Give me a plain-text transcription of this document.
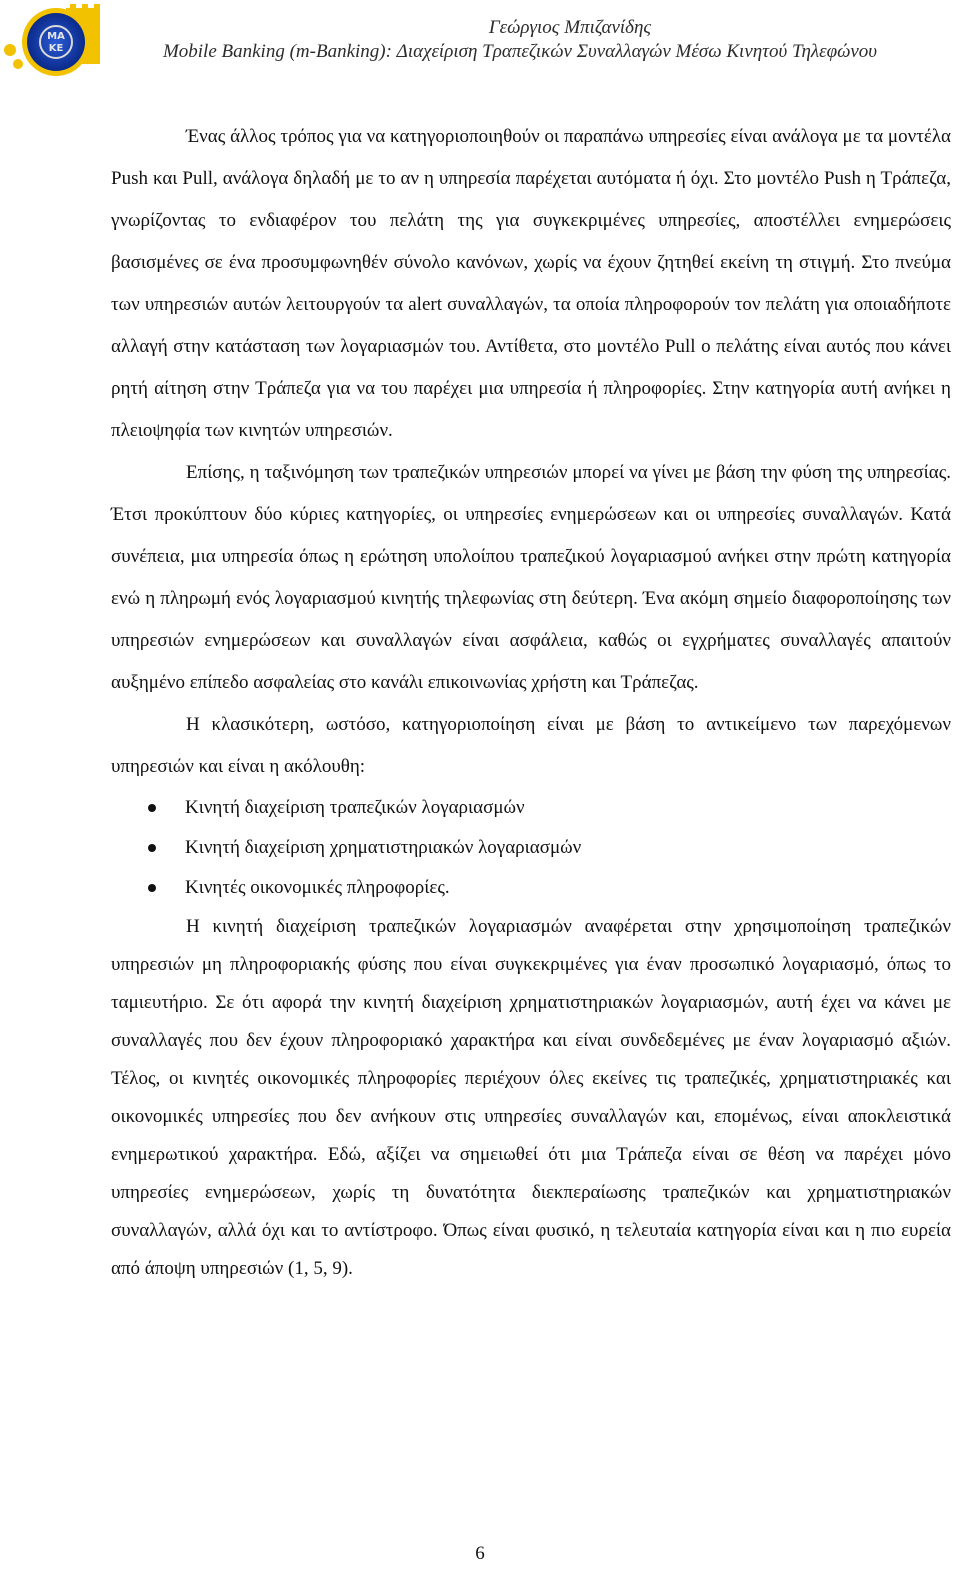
ΜΑ
ΚΕ
Γεώργιος Μπιζανίδης
Mobile Banking (m-Banking): Διαχείριση Τραπεζικών Συναλλαγών Μέσω Κινητού Τηλεφώνου

Ένας άλλος τρόπος για να κατηγοριοποιηθούν οι παραπάνω υπηρεσίες είναι ανάλογα με τα μοντέλα Push και Pull, ανάλογα δηλαδή με το αν η υπηρεσία παρέχεται αυτόματα ή όχι. Στο μοντέλο Push η Τράπεζα, γνωρίζοντας το ενδιαφέρον του πελάτη της για συγκεκριμένες υπηρεσίες, αποστέλλει ενημερώσεις βασισμένες σε ένα προσυμφωνηθέν σύνολο κανόνων, χωρίς να έχουν ζητηθεί εκείνη τη στιγμή. Στο πνεύμα των υπηρεσιών αυτών λειτουργούν τα alert συναλλαγών, τα οποία πληροφορούν τον πελάτη για οποιαδήποτε αλλαγή στην κατάσταση των λογαριασμών του. Αντίθετα, στο μοντέλο Pull ο πελάτης είναι αυτός που κάνει ρητή αίτηση στην Τράπεζα για να του παρέχει μια υπηρεσία ή πληροφορίες. Στην κατηγορία αυτή ανήκει η πλειοψηφία των κινητών υπηρεσιών.

Επίσης, η ταξινόμηση των τραπεζικών υπηρεσιών μπορεί να γίνει με βάση την φύση της υπηρεσίας. Έτσι προκύπτουν δύο κύριες κατηγορίες, οι υπηρεσίες ενημερώσεων και οι υπηρεσίες συναλλαγών. Κατά συνέπεια, μια υπηρεσία όπως η ερώτηση υπολοίπου τραπεζικού λογαριασμού ανήκει στην πρώτη κατηγορία ενώ η πληρωμή ενός λογαριασμού κινητής τηλεφωνίας στη δεύτερη. Ένα ακόμη σημείο διαφοροποίησης των υπηρεσιών ενημερώσεων και συναλλαγών είναι ασφάλεια, καθώς οι εγχρήματες συναλλαγές απαιτούν αυξημένο επίπεδο ασφαλείας στο κανάλι επικοινωνίας χρήστη και Τράπεζας.

Η κλασικότερη, ωστόσο, κατηγοριοποίηση είναι με βάση το αντικείμενο των παρεχόμενων υπηρεσιών και είναι η ακόλουθη:

Κινητή διαχείριση τραπεζικών λογαριασμών
Κινητή διαχείριση χρηματιστηριακών λογαριασμών
Κινητές οικονομικές πληροφορίες.

Η κινητή διαχείριση τραπεζικών λογαριασμών αναφέρεται στην χρησιμοποίηση τραπεζικών υπηρεσιών μη πληροφοριακής φύσης που είναι συγκεκριμένες για έναν προσωπικό λογαριασμό, όπως το ταμιευτήριο. Σε ότι αφορά την κινητή διαχείριση χρηματιστηριακών λογαριασμών, αυτή έχει να κάνει με συναλλαγές που δεν έχουν πληροφοριακό χαρακτήρα και είναι συνδεδεμένες με έναν λογαριασμό αξιών. Τέλος, οι κινητές οικονομικές πληροφορίες περιέχουν όλες εκείνες τις τραπεζικές, χρηματιστηριακές και οικονομικές υπηρεσίες που δεν ανήκουν στις υπηρεσίες συναλλαγών και, επομένως, είναι αποκλειστικά ενημερωτικού χαρακτήρα. Εδώ, αξίζει να σημειωθεί ότι μια Τράπεζα είναι σε θέση να παρέχει μόνο υπηρεσίες ενημερώσεων, χωρίς τη δυνατότητα διεκπεραίωσης τραπεζικών και χρηματιστηριακών συναλλαγών, αλλά όχι και το αντίστροφο. Όπως είναι φυσικό, η τελευταία κατηγορία είναι και η πιο ευρεία από άποψη υπηρεσιών (1, 5, 9).

6
